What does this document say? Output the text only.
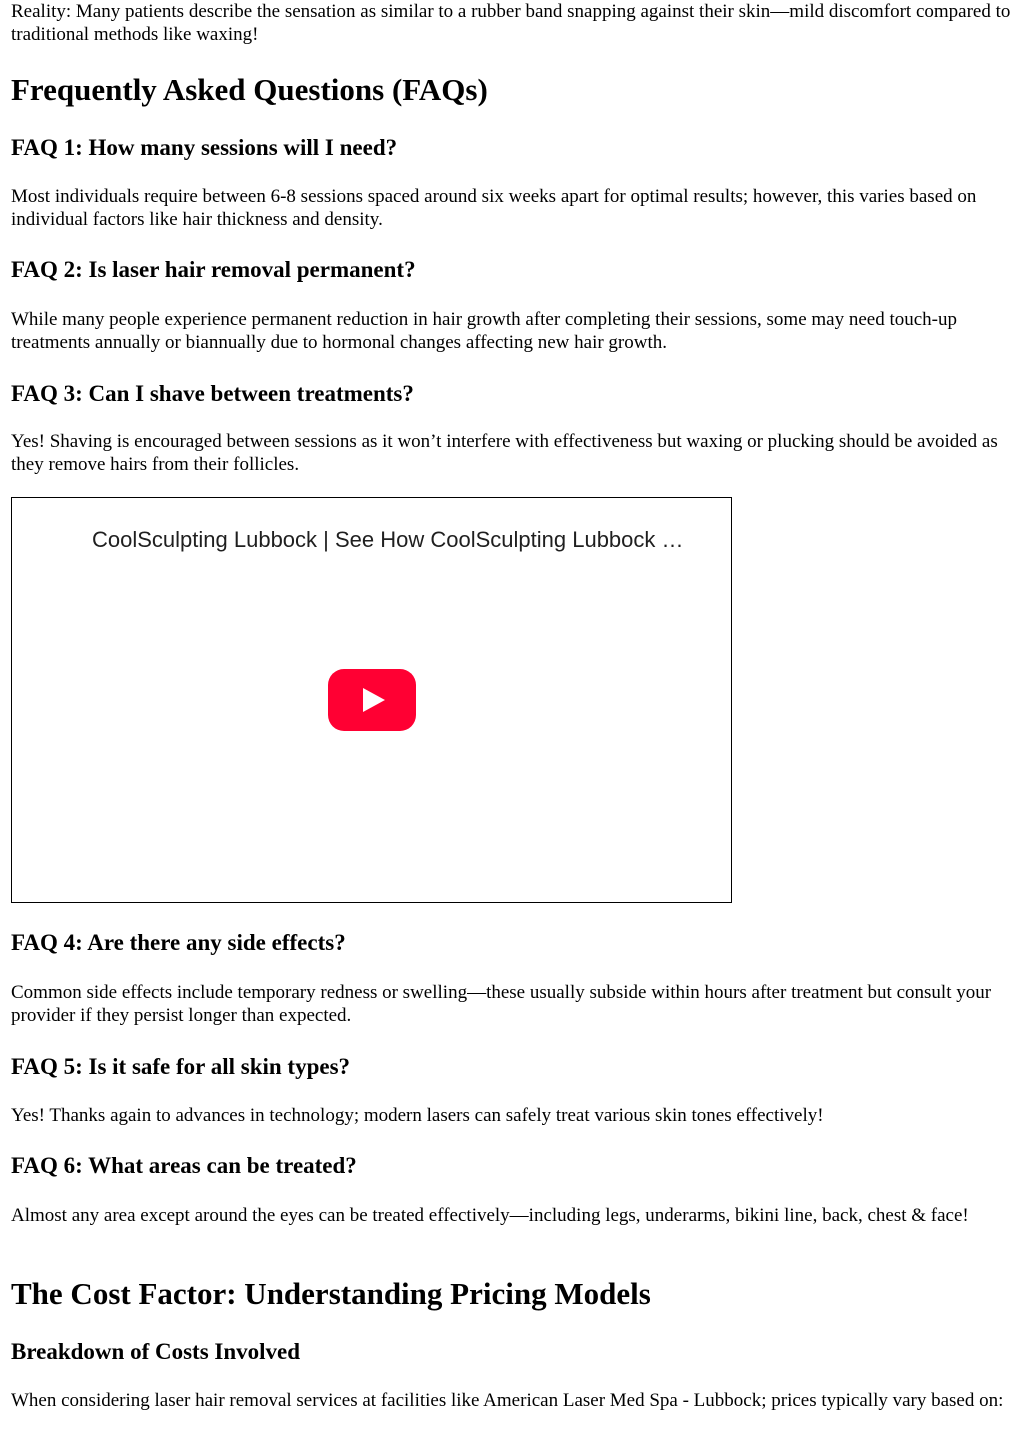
Reality: Many patients describe the sensation as similar to a rubber band snapping against their skin—mild discomfort compared to traditional methods like waxing!

Frequently Asked Questions (FAQs)
FAQ 1: How many sessions will I need?

Most individuals require between 6-8 sessions spaced around six weeks apart for optimal results; however, this varies based on individual factors like hair thickness and density.

FAQ 2: Is laser hair removal permanent?

While many people experience permanent reduction in hair growth after completing their sessions, some may need touch-up treatments annually or biannually due to hormonal changes affecting new hair growth.

FAQ 3: Can I shave between treatments?

Yes! Shaving is encouraged between sessions as it won’t interfere with effectiveness but waxing or plucking should be avoided as they remove hairs from their follicles.

CoolSculpting Lubbock | See How CoolSculpting Lubbock …
FAQ 4: Are there any side effects?

Common side effects include temporary redness or swelling—these usually subside within hours after treatment but consult your provider if they persist longer than expected.

FAQ 5: Is it safe for all skin types?

Yes! Thanks again to advances in technology; modern lasers can safely treat various skin tones effectively!

FAQ 6: What areas can be treated?

Almost any area except around the eyes can be treated effectively—including legs, underarms, bikini line, back, chest & face!

The Cost Factor: Understanding Pricing Models
Breakdown of Costs Involved

When considering laser hair removal services at facilities like American Laser Med Spa - Lubbock; prices typically vary based on:
